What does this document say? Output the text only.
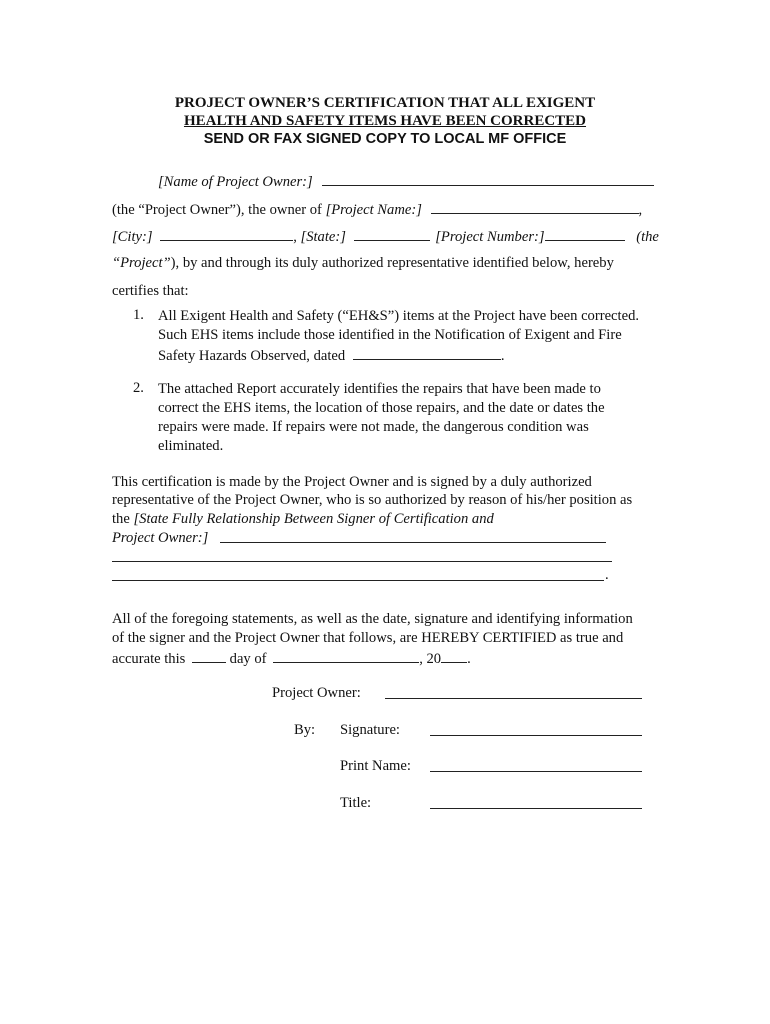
PROJECT OWNER’S CERTIFICATION THAT ALL EXIGENT
HEALTH AND SAFETY ITEMS HAVE BEEN CORRECTED
SEND OR FAX SIGNED COPY TO LOCAL MF OFFICE
[Name of Project Owner:]
(the “Project Owner”), the owner of [Project Name:]	,
[City:]	, [State:]	[Project Number:]	(the
“Project”), by and through its duly authorized representative identified below, hereby
certifies that:
1. All Exigent Health and Safety (“EH&S”) items at the Project have been corrected.
Such EHS items include those identified in the Notification of Exigent and Fire
Safety Hazards Observed, dated	.
2. The attached Report accurately identifies the repairs that have been made to
correct the EHS items, the location of those repairs, and the date or dates the
repairs were made. If repairs were not made, the dangerous condition was
eliminated.
This certification is made by the Project Owner and is signed by a duly authorized
representative of the Project Owner, who is so authorized by reason of his/her position as
the [State Fully Relationship Between Signer of Certification and
Project Owner:]
.
All of the foregoing statements, as well as the date, signature and identifying information
of the signer and the Project Owner that follows, are HEREBY CERTIFIED as true and
accurate this	day of	, 20 .
Project Owner:
By: Signature:
Print Name:
Title:
